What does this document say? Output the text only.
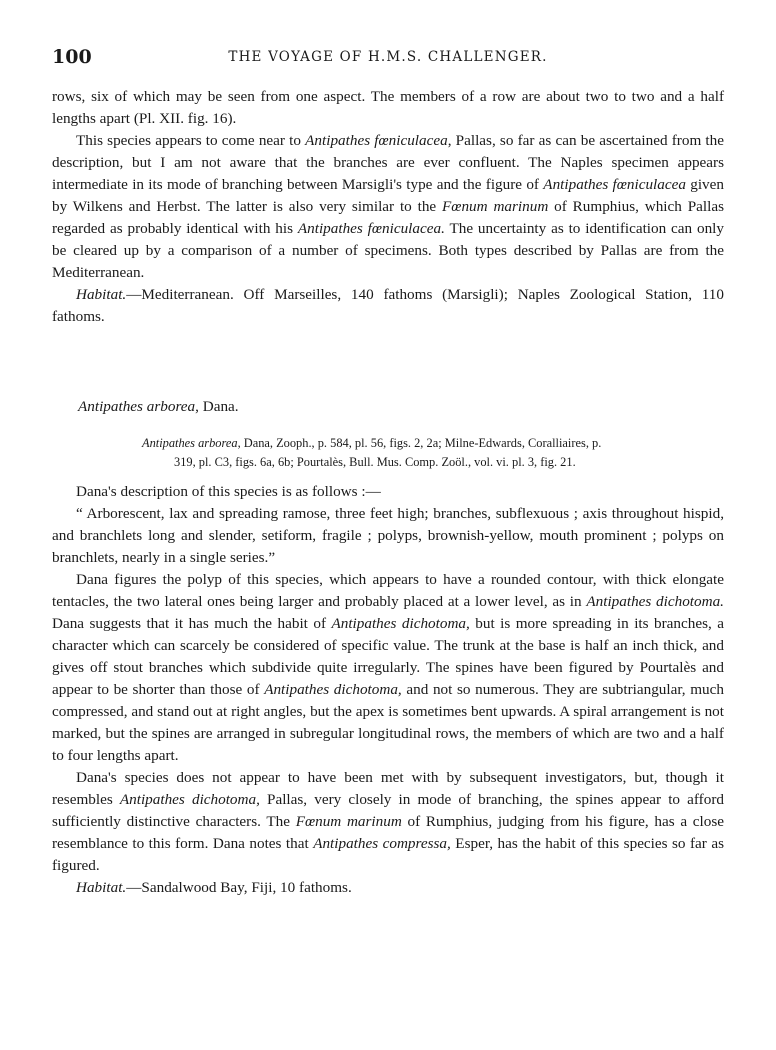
100	THE VOYAGE OF H.M.S. CHALLENGER.

rows, six of which may be seen from one aspect. The members of a row are about two to two and a half lengths apart (Pl. XII. fig. 16).

This species appears to come near to Antipathes fœniculacea, Pallas, so far as can be ascertained from the description, but I am not aware that the branches are ever confluent. The Naples specimen appears intermediate in its mode of branching between Marsigli's type and the figure of Antipathes fœniculacea given by Wilkens and Herbst. The latter is also very similar to the Fœnum marinum of Rumphius, which Pallas regarded as probably identical with his Antipathes fœniculacea. The uncertainty as to identification can only be cleared up by a comparison of a number of specimens. Both types described by Pallas are from the Mediterranean.

Habitat.—Mediterranean. Off Marseilles, 140 fathoms (Marsigli); Naples Zoological Station, 110 fathoms.

Antipathes arborea, Dana.
Antipathes arborea, Dana, Zooph., p. 584, pl. 56, figs. 2, 2a; Milne-Edwards, Coralliaires, p.
319, pl. C3, figs. 6a, 6b; Pourtalès, Bull. Mus. Comp. Zoöl., vol. vi. pl. 3, fig. 21.

Dana's description of this species is as follows :—

“ Arborescent, lax and spreading ramose, three feet high; branches, subflexuous ; axis throughout hispid, and branchlets long and slender, setiform, fragile ; polyps, brownish-yellow, mouth prominent ; polyps on branchlets, nearly in a single series.”

Dana figures the polyp of this species, which appears to have a rounded contour, with thick elongate tentacles, the two lateral ones being larger and probably placed at a lower level, as in Antipathes dichotoma. Dana suggests that it has much the habit of Antipathes dichotoma, but is more spreading in its branches, a character which can scarcely be considered of specific value. The trunk at the base is half an inch thick, and gives off stout branches which subdivide quite irregularly. The spines have been figured by Pourtalès and appear to be shorter than those of Antipathes dichotoma, and not so numerous. They are subtriangular, much compressed, and stand out at right angles, but the apex is sometimes bent upwards. A spiral arrangement is not marked, but the spines are arranged in subregular longitudinal rows, the members of which are two and a half to four lengths apart.

Dana's species does not appear to have been met with by subsequent investigators, but, though it resembles Antipathes dichotoma, Pallas, very closely in mode of branching, the spines appear to afford sufficiently distinctive characters. The Fœnum marinum of Rumphius, judging from his figure, has a close resemblance to this form. Dana notes that Antipathes compressa, Esper, has the habit of this species so far as figured.

Habitat.—Sandalwood Bay, Fiji, 10 fathoms.
